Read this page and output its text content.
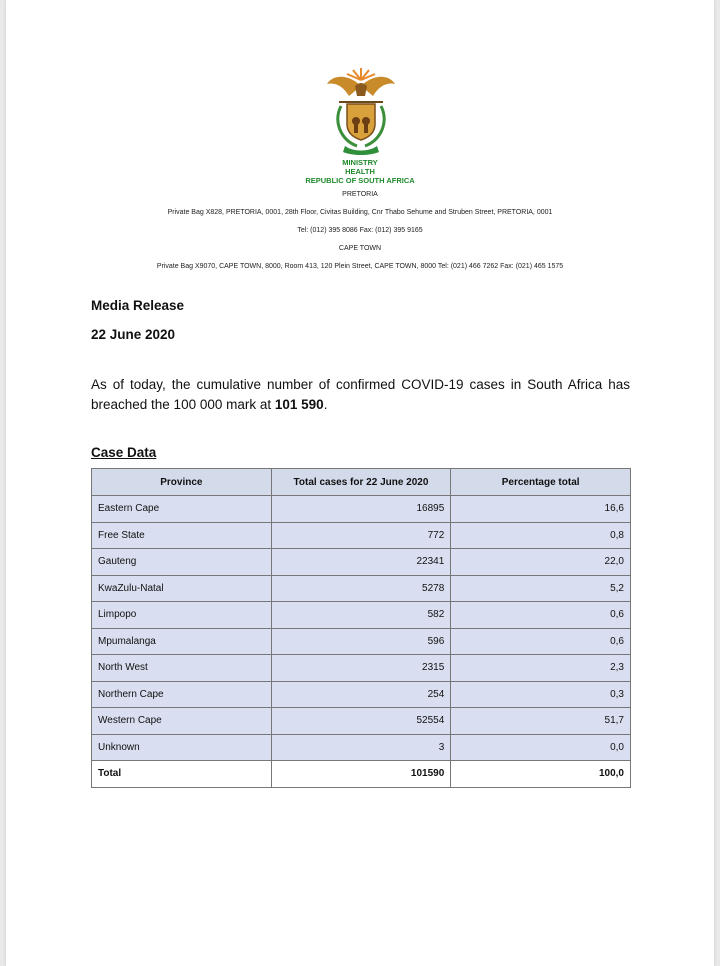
MINISTRY
HEALTH
REPUBLIC OF SOUTH AFRICA
PRETORIA
Private Bag X828, PRETORIA, 0001, 28th Floor, Civitas Building, Cnr Thabo Sehume and Struben Street, PRETORIA, 0001
Tel: (012) 395 8086 Fax: (012) 395 9165
CAPE TOWN
Private Bag X9070, CAPE TOWN, 8000, Room 413, 120 Plein Street, CAPE TOWN, 8000 Tel: (021) 466 7262 Fax: (021) 465 1575
Media Release
22 June 2020
As of today, the cumulative number of confirmed COVID-19 cases in South Africa has
breached the 100 000 mark at 101 590.
Case Data
Province	Total cases for 22 June 2020	Percentage total
Eastern Cape	16895	16,6
Free State	772	0,8
Gauteng	22341	22,0
KwaZulu-Natal	5278	5,2
Limpopo	582	0,6
Mpumalanga	596	0,6
North West	2315	2,3
Northern Cape	254	0,3
Western Cape	52554	51,7
Unknown	3	0,0
Total	101590	100,0
